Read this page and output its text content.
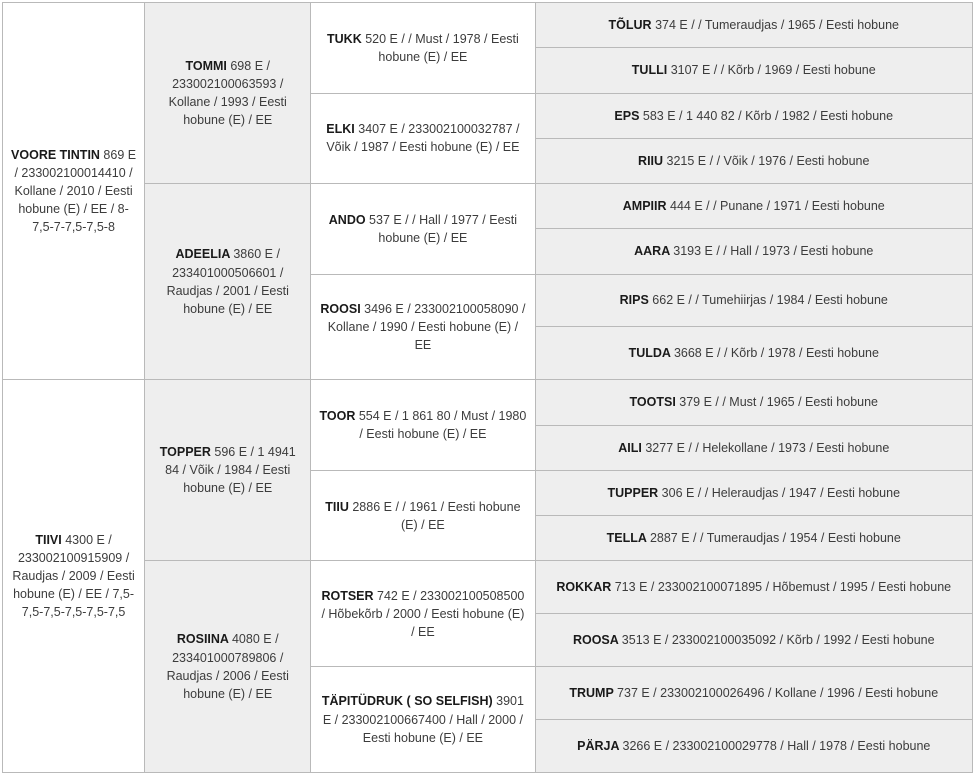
VOORE TINTIN 869 E / 233002100014410 / Kollane / 2010 / Eesti hobune (E) / EE / 8-7,5-7-7,5-7,5-8	TOMMI 698 E / 233002100063593 / Kollane / 1993 / Eesti hobune (E) / EE	TUKK 520 E / / Must / 1978 / Eesti hobune (E) / EE	TÕLUR 374 E / / Tumeraudjas / 1965 / Eesti hobune
			TULLI 3107 E / / Kõrb / 1969 / Eesti hobune
		ELKI 3407 E / 233002100032787 / Võik / 1987 / Eesti hobune (E) / EE	EPS 583 E / 1 440 82 / Kõrb / 1982 / Eesti hobune
			RIIU 3215 E / / Võik / 1976 / Eesti hobune
	ADEELIA 3860 E / 233401000506601 / Raudjas / 2001 / Eesti hobune (E) / EE	ANDO 537 E / / Hall / 1977 / Eesti hobune (E) / EE	AMPIIR 444 E / / Punane / 1971 / Eesti hobune
			AARA 3193 E / / Hall / 1973 / Eesti hobune
		ROOSI 3496 E / 233002100058090 / Kollane / 1990 / Eesti hobune (E) / EE	RIPS 662 E / / Tumehiirjas / 1984 / Eesti hobune
			TULDA 3668 E / / Kõrb / 1978 / Eesti hobune
TIIVI 4300 E / 233002100915909 / Raudjas / 2009 / Eesti hobune (E) / EE / 7,5-7,5-7,5-7,5-7,5-7,5	TOPPER 596 E / 1 4941 84 / Võik / 1984 / Eesti hobune (E) / EE	TOOR 554 E / 1 861 80 / Must / 1980 / Eesti hobune (E) / EE	TOOTSI 379 E / / Must / 1965 / Eesti hobune
			AILI 3277 E / / Helekollane / 1973 / Eesti hobune
		TIIU 2886 E / / 1961 / Eesti hobune (E) / EE	TUPPER 306 E / / Heleraudjas / 1947 / Eesti hobune
			TELLA 2887 E / / Tumeraudjas / 1954 / Eesti hobune
	ROSIINA 4080 E / 233401000789806 / Raudjas / 2006 / Eesti hobune (E) / EE	ROTSER 742 E / 233002100508500 / Hõbekõrb / 2000 / Eesti hobune (E) / EE	ROKKAR 713 E / 233002100071895 / Hõbemust / 1995 / Eesti hobune
			ROOSA 3513 E / 233002100035092 / Kõrb / 1992 / Eesti hobune
		TÄPITÜDRUK ( SO SELFISH) 3901 E / 233002100667400 / Hall / 2000 / Eesti hobune (E) / EE	TRUMP 737 E / 233002100026496 / Kollane / 1996 / Eesti hobune
			PÄRJA 3266 E / 233002100029778 / Hall / 1978 / Eesti hobune
